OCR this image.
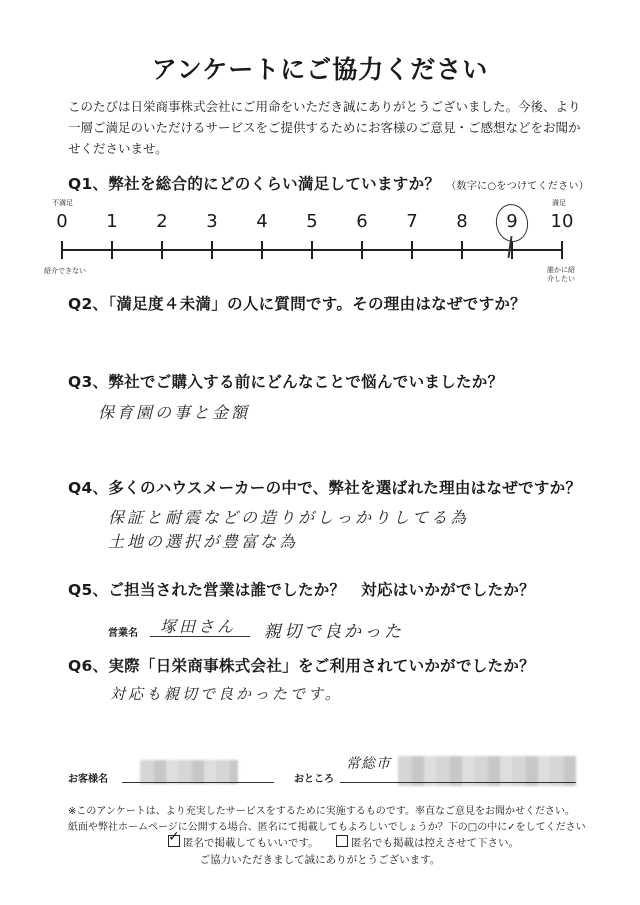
アンケートにご協力ください
このたびは日栄商事株式会社にご用命をいただき誠にありがとうございました。今後、より一層ご満足のいただけるサービスをご提供するためにお客様のご意見・ご感想などをお聞かせくださいませ。
Q1、弊社を総合的にどのくらい満足していますか？ （数字に○をつけてください）
不満足	満足
0	1	2	3	4	5	6	7	8	9	10
紹介できない	誰かに紹介したい
Q2、「満足度４未満」の人に質問です。その理由はなぜですか？
Q3、弊社でご購入する前にどんなことで悩んでいましたか？
保育園の事と金額
Q4、多くのハウスメーカーの中で、弊社を選ばれた理由はなぜですか？
保証と耐震などの造りがしっかりしてる為
土地の選択が豊富な為
Q5、ご担当された営業は誰でしたか？　対応はいかがでしたか？
営業名 塚田さん 親切で良かった
Q6、実際「日栄商事株式会社」をご利用されていかがでしたか？
対応も親切で良かったです。
お客様名	おところ
常総市
※このアンケートは、より充実したサービスをするために実施するものです。率直なご意見をお聞かせください。
紙面や弊社ホームページに公開する場合、匿名にて掲載してもよろしいでしょうか？下の□の中に✓をしてください
✓ 匿名で掲載してもいいです。	匿名でも掲載は控えさせて下さい。
ご協力いただきまして誠にありがとうございます。
